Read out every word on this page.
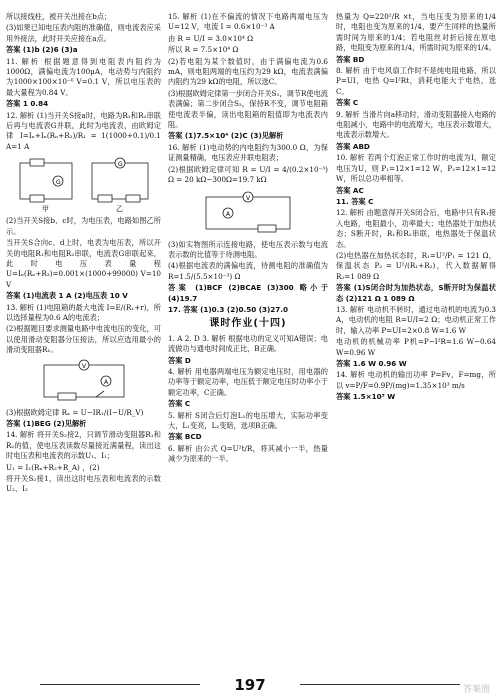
所以接线柱，被开关出接在b点；

(3)如果已知电压表内阻的准确值，则电流表应采用外接法，此时开关应接在a点。

答案 (1)b (2)6 (3)a

11. 解析 根据题意得到电阻表内阻约为1000Ω，满偏电流为100μA，电动势与内阻约为1000×100×10⁻⁶ V=0.1 V，所以电压表的最大量程为0.84 V。

答案 1 0.84

12. 解析 (1)当开关S接a时，电路为R₁和R₂串联后再与电流表G并联，此时为电流表，由欧姆定律 I=Iₙ+Iₙ(Rₙ+R₂)/R₁ = 1(1000+0.1)/0.1 A=1 A

G
G
甲	乙

(2)当开关S接b、c时，为电压表，电路如图乙所示。

当开关S合向c、d上时，电表为电压表，所以开关的电阻R₁和电阻R₂串联，电流表G串联起来，此时电压表量程 U=Iₙ(Rₙ+R₃)=0.001×(1000+99000) V=10 V

答案 (1)电流表 1 A (2)电压表 10 V

13. 解析 (1)电阻箱的最大电流 I=E/(R₁+r)，所以选择量程为0.6 A的电流表；

(2)根据题目要求测量电路中电流电压的变化，可以使用滑动变阻器分压接法，所以应选用最小的滑动变阻器R₁。

V
A

(3)根据欧姆定律 Rₓ = U−IR₁/(I−U/R_V)

答案 (1)BEG (2)见解析

14. 解析 将开关S₂接2，只调节滑动变阻器R₁和R₂的值，使电压表读数尽量接近满量程，读出这时电压表和电流表的示数U₁、I₁；

U₁ = I₁(Rₓ+R₂+R_A) ，(2)

将开关S₂接1，读出这时电压表和电流表的示数U₂、I₂

15. 解析 (1)在不偏流的情况下电路两端电压为U=12 V，电流 I = 0.6×10⁻³ A

由 R = U/I = 3.0×10⁴ Ω

所以 R = 7.5×10⁴ Ω

(2)若电阻为某个数值时，由于满偏电流为0.6 mA，则电阻两端的电压约为29 kΩ，电流表满偏内阻约为29 kΩ的电阻，所以选C。

(3)根据欧姆定律第一步闭合开关S₁，调节R使电流表满偏；第二步闭合S₂，保持R不变，调节电阻箱使电流表半偏，读出电阻箱的阻值即为电流表内阻。

答案 (1)7.5×10⁴ (2)C (3)见解析

16. 解析 (1)电动势的内电阻约为300.0 Ω，为保证测量精确，电压表应并联电阻表；

(2)根据欧姆定律可知 R = U/I = 4/(0.2×10⁻³) Ω = 20 kΩ−300Ω=19.7 kΩ

V
A

(3)如实物图所示连接电路，使电压表示数与电流表示数的比值等于待测电阻。

(4)根据电流表的满偏电流，待测电阻的准确值为 R=1.5/(5.5×10⁻³) Ω

答案 (1)BCF (2)BCAE (3)300 略小于 (4)19.7

17. 答案 (1)0.3 (2)0.50 (3)27.0

课时作业(十四)

1. A 2. D 3. 解析 根据电功的定义可知A错误；电流做功与通电时间成正比，B正确。

答案 D

4. 解析 用电器两端电压为额定电压时，用电器的功率等于额定功率，电压低于额定电压时功率小于额定功率，C正确。

答案 C

5. 解析 S闭合后灯泡L₁的电压增大，实际功率变大，L₁变亮，L₂变暗，选项B正确。

答案 BCD

6. 解析 由公式 Q=U²t/R，将其减小一半，热量减少为原来的一半。

热量为 Q=220²/R ×t，当电压变为原来的1/4时，电阻也变为原来的1/4，要产生同样的热量所需时间为原来的1/4；若电阻丝对折后接在原电路，电阻变为原来的1/4，所需时间为原来的1/4。

答案 BD

8. 解析 由于电风扇工作时不是纯电阻电路，所以 P=UI，电热 Q=I²Rt，消耗电能大于电热，选C。

答案 C

9. 解析 当滑片向a移动时，滑动变阻器接入电路的电阻减小，电路中的电流增大，电压表示数增大，电流表示数增大。

答案 ABD

10. 解析 若两个灯泡正常工作时的电流为I，额定电压为U，则 P₁=12×1=12 W，P₂=12×1=12 W，所以总功率相等。

答案 AC

11. 答案 C

12. 解析 由题意得开关S闭合后，电路中只有R₁接入电路，电阻最小，功率最大；电热器处于加热状态；S断开时，R₁和R₂串联，电热器处于保温状态。

(2)电热器在加热状态时，R₁=U²/P₁ = 121 Ω，保温状态 P₂ = U²/(R₁+R₂)，代入数据解得 R₂=1 089 Ω

答案 (1)S闭合时为加热状态，S断开时为保温状态 (2)121 Ω 1 089 Ω

13. 解析 电动机不转时，通过电动机的电流为0.3 A，电动机的电阻 R=U/I=2 Ω；电动机正常工作时，输入功率 P=UI=2×0.8 W=1.6 W

电动机的机械功率 P机=P−I²R=1.6 W−0.64 W=0.96 W

答案 1.6 W 0.96 W

14. 解析 电动机的输出功率 P=Fv，F=mg，所以 v=P/F=0.9P/(mg)=1.35×10³ m/s

答案 1.5×10³ W

197	答案圈
